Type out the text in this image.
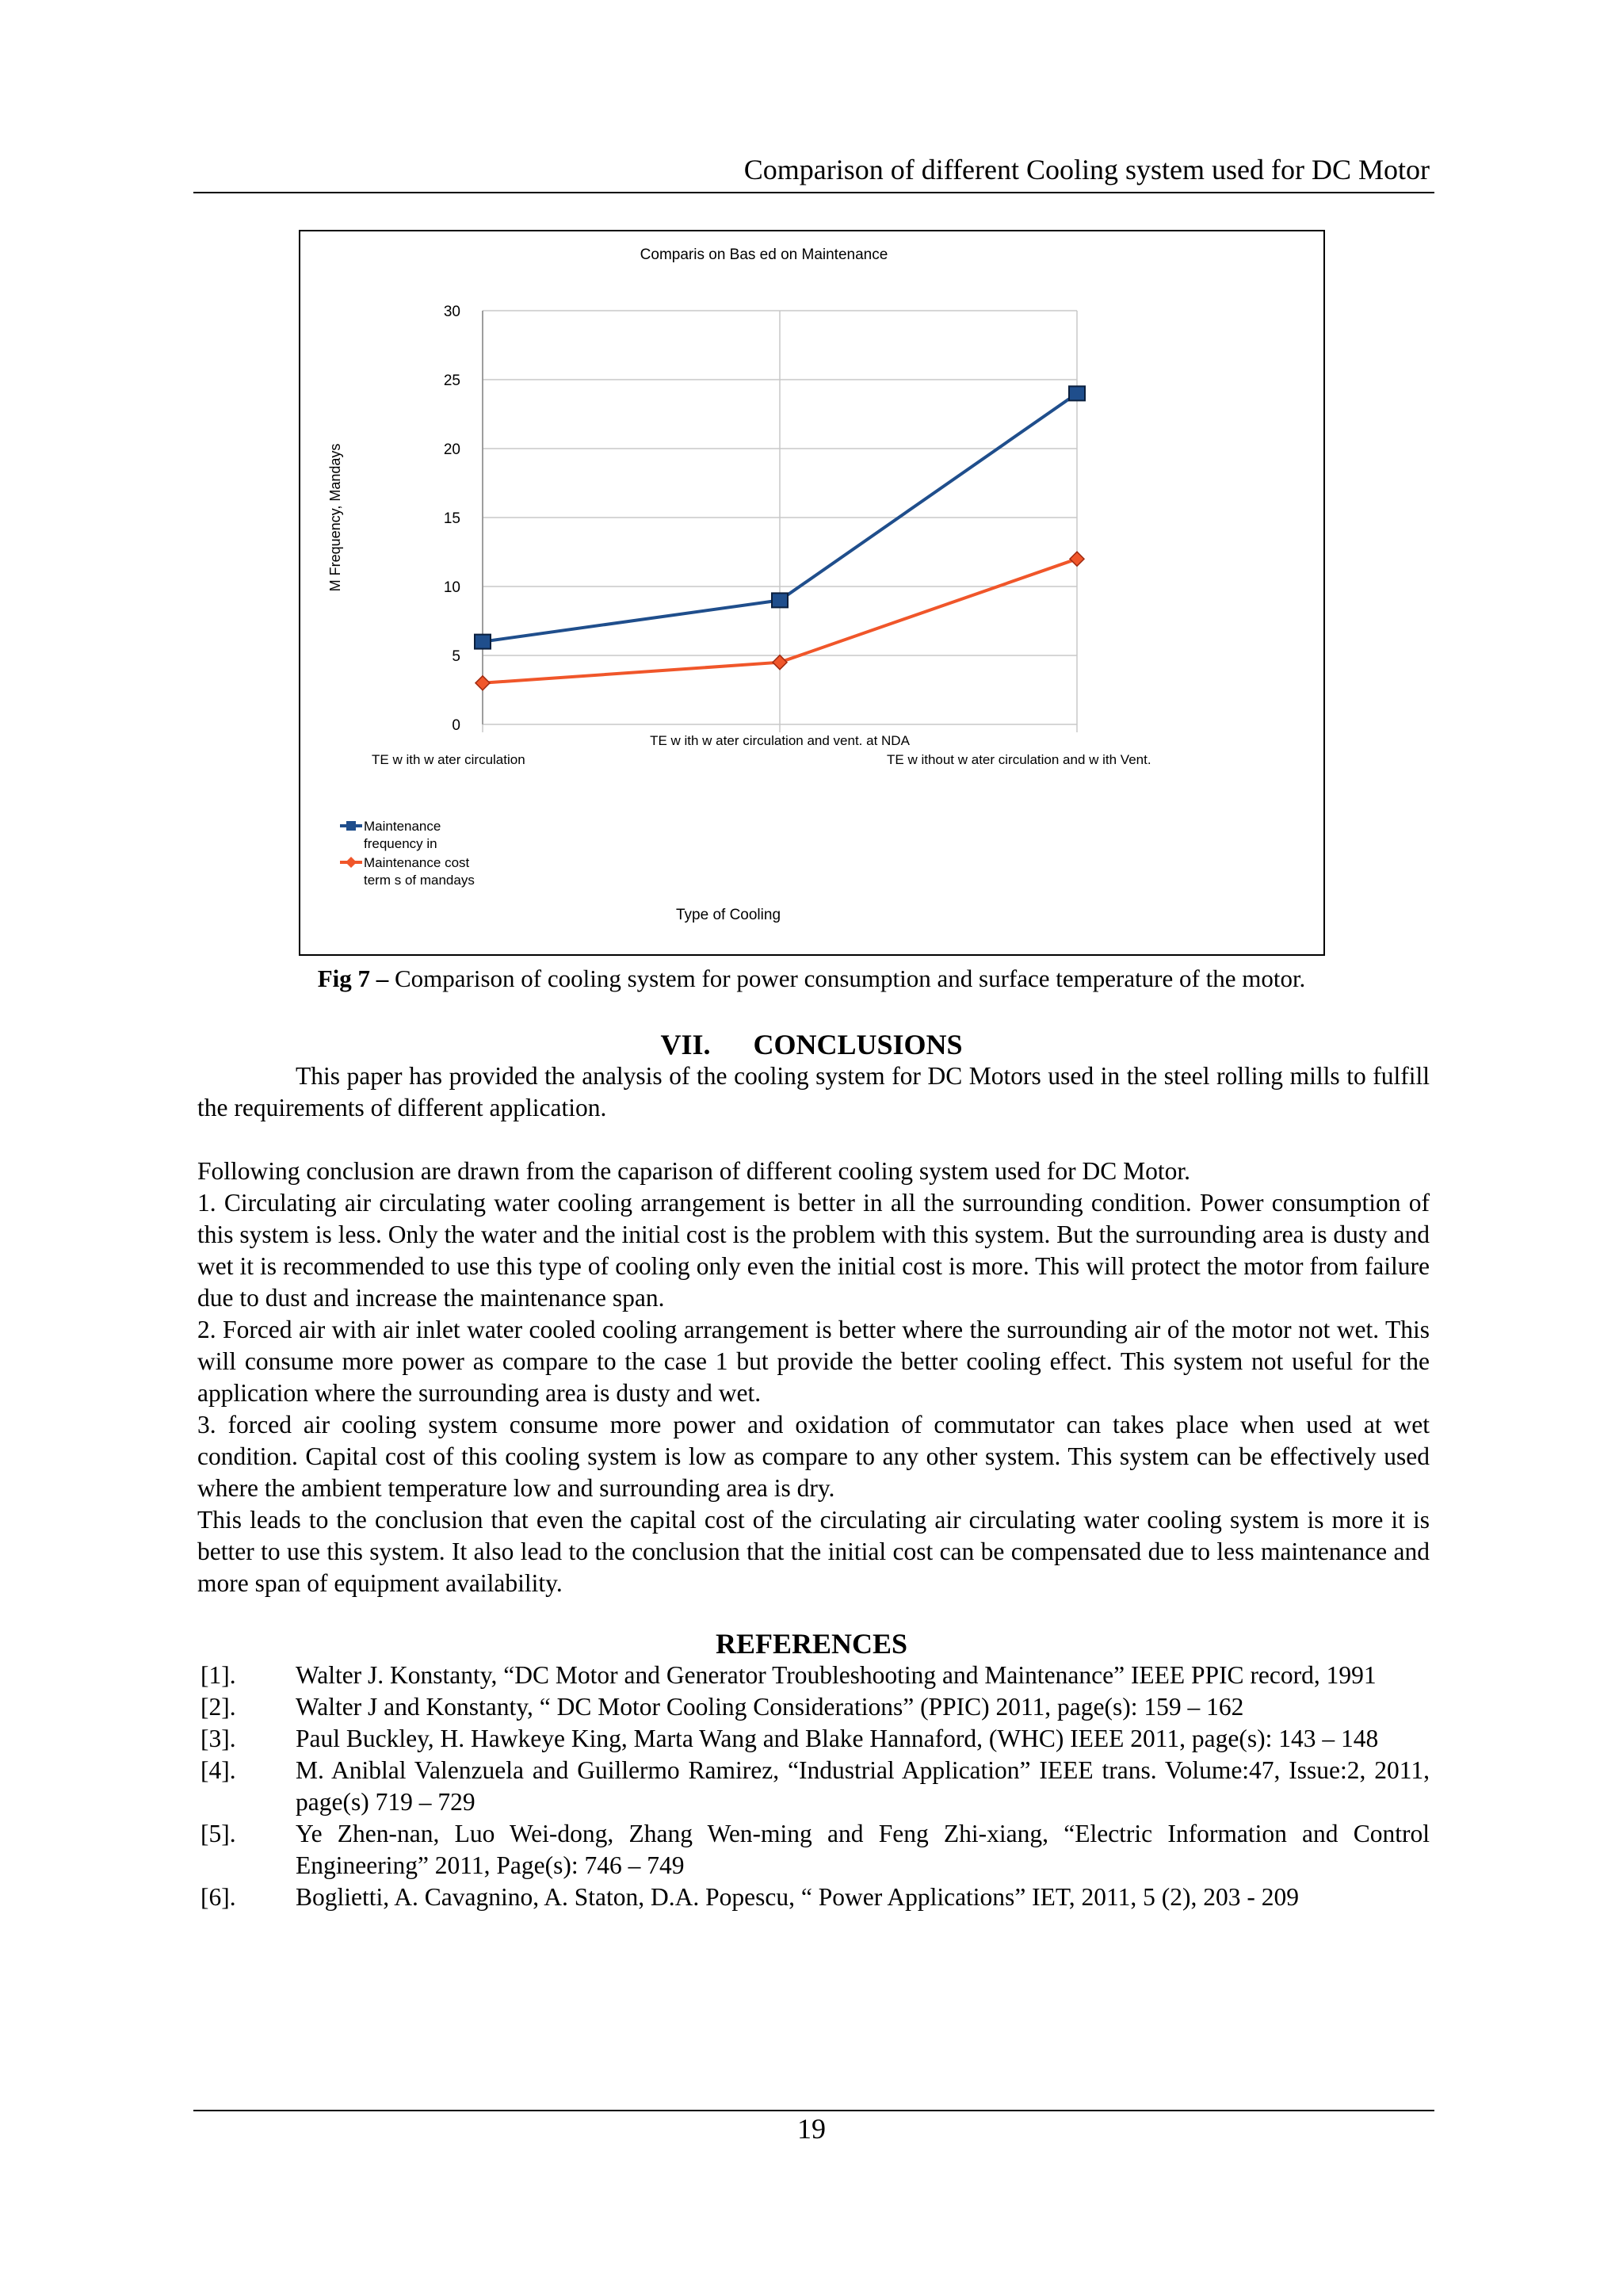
Comparison of different Cooling system used for DC Motor
Comparis on Bas ed on Maintenance
0
5
10
15
20
25
30
TE w ith w ater circulation
TE w ith w ater circulation and vent. at NDA
TE w ithout w ater circulation and w ith Vent.
M Frequency, Mandays
Maintenance
frequency in
Maintenance cost
term s of mandays
Type of Cooling
Fig 7 – Comparison of cooling system for power consumption and surface temperature of the motor.
VII. CONCLUSIONS

This paper has provided the analysis of the cooling system for DC Motors used in the steel rolling mills to fulfill the requirements of different application.

Following conclusion are drawn from the caparison of different cooling system used for DC Motor.
1. Circulating air circulating water cooling arrangement is better in all the surrounding condition. Power consumption of this system is less. Only the water and the initial cost is the problem with this system. But the surrounding area is dusty and wet it is recommended to use this type of cooling only even the initial cost is more. This will protect the motor from failure due to dust and increase the maintenance span.
2. Forced air with air inlet water cooled cooling arrangement is better where the surrounding air of the motor not wet. This will consume more power as compare to the case 1 but provide the better cooling effect. This system not useful for the application where the surrounding area is dusty and wet.
3. forced air cooling system consume more power and oxidation of commutator can takes place when used at wet condition. Capital cost of this cooling system is low as compare to any other system. This system can be effectively used where the ambient temperature low and surrounding area is dry.
This leads to the conclusion that even the capital cost of the circulating air circulating water cooling system is more it is better to use this system. It also lead to the conclusion that the initial cost can be compensated due to less maintenance and more span of equipment availability.
REFERENCES
[1].	Walter J. Konstanty, “DC Motor and Generator Troubleshooting and Maintenance” IEEE PPIC record, 1991
[2].	Walter J and Konstanty, “ DC Motor Cooling Considerations” (PPIC) 2011, page(s): 159 – 162
[3].	Paul Buckley, H. Hawkeye King, Marta Wang and Blake Hannaford, (WHC) IEEE 2011, page(s): 143 – 148
[4].	M. Aniblal Valenzuela and Guillermo Ramirez, “Industrial Application” IEEE trans. Volume:47, Issue:2, 2011, page(s) 719 – 729
[5].	Ye Zhen-nan, Luo Wei-dong, Zhang Wen-ming and Feng Zhi-xiang, “Electric Information and Control Engineering” 2011, Page(s): 746 – 749
[6].	Boglietti, A. Cavagnino, A. Staton, D.A. Popescu, “ Power Applications” IET, 2011, 5 (2), 203 - 209
19
